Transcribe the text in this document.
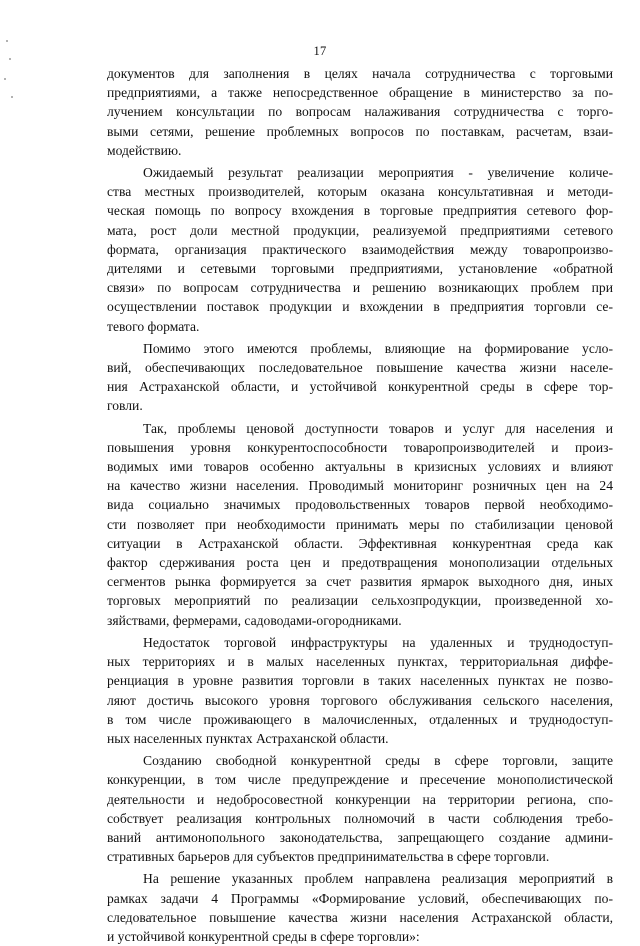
17

документов для заполнения в целях начала сотрудничества с торговыми
предприятиями, а также непосредственное обращение в министерство за по-
лучением консультации по вопросам налаживания сотрудничества с торго-
выми сетями, решение проблемных вопросов по поставкам, расчетам, взаи-
модействию.

Ожидаемый результат реализации мероприятия - увеличение количе-
ства местных производителей, которым оказана консультативная и методи-
ческая помощь по вопросу вхождения в торговые предприятия сетевого фор-
мата, рост доли местной продукции, реализуемой предприятиями сетевого
формата, организация практического взаимодействия между товаропроизво-
дителями и сетевыми торговыми предприятиями, установление «обратной
связи» по вопросам сотрудничества и решению возникающих проблем при
осуществлении поставок продукции и вхождении в предприятия торговли се-
тевого формата.

Помимо этого имеются проблемы, влияющие на формирование усло-
вий, обеспечивающих последовательное повышение качества жизни населе-
ния Астраханской области, и устойчивой конкурентной среды в сфере тор-
говли.

Так, проблемы ценовой доступности товаров и услуг для населения и
повышения уровня конкурентоспособности товаропроизводителей и произ-
водимых ими товаров особенно актуальны в кризисных условиях и влияют
на качество жизни населения. Проводимый мониторинг розничных цен на 24
вида социально значимых продовольственных товаров первой необходимо-
сти позволяет при необходимости принимать меры по стабилизации ценовой
ситуации в Астраханской области. Эффективная конкурентная среда как
фактор сдерживания роста цен и предотвращения монополизации отдельных
сегментов рынка формируется за счет развития ярмарок выходного дня, иных
торговых мероприятий по реализации сельхозпродукции, произведенной хо-
зяйствами, фермерами, садоводами-огородниками.

Недостаток торговой инфраструктуры на удаленных и труднодоступ-
ных территориях и в малых населенных пунктах, территориальная диффе-
ренциация в уровне развития торговли в таких населенных пунктах не позво-
ляют достичь высокого уровня торгового обслуживания сельского населения,
в том числе проживающего в малочисленных, отдаленных и труднодоступ-
ных населенных пунктах Астраханской области.

Созданию свободной конкурентной среды в сфере торговли, защите
конкуренции, в том числе предупреждение и пресечение монополистической
деятельности и недобросовестной конкуренции на территории региона, спо-
собствует реализация контрольных полномочий в части соблюдения требо-
ваний антимонопольного законодательства, запрещающего создание админи-
стративных барьеров для субъектов предпринимательства в сфере торговли.

На решение указанных проблем направлена реализация мероприятий в
рамках задачи 4 Программы «Формирование условий, обеспечивающих по-
следовательное повышение качества жизни населения Астраханской области,
и устойчивой конкурентной среды в сфере торговли»:
